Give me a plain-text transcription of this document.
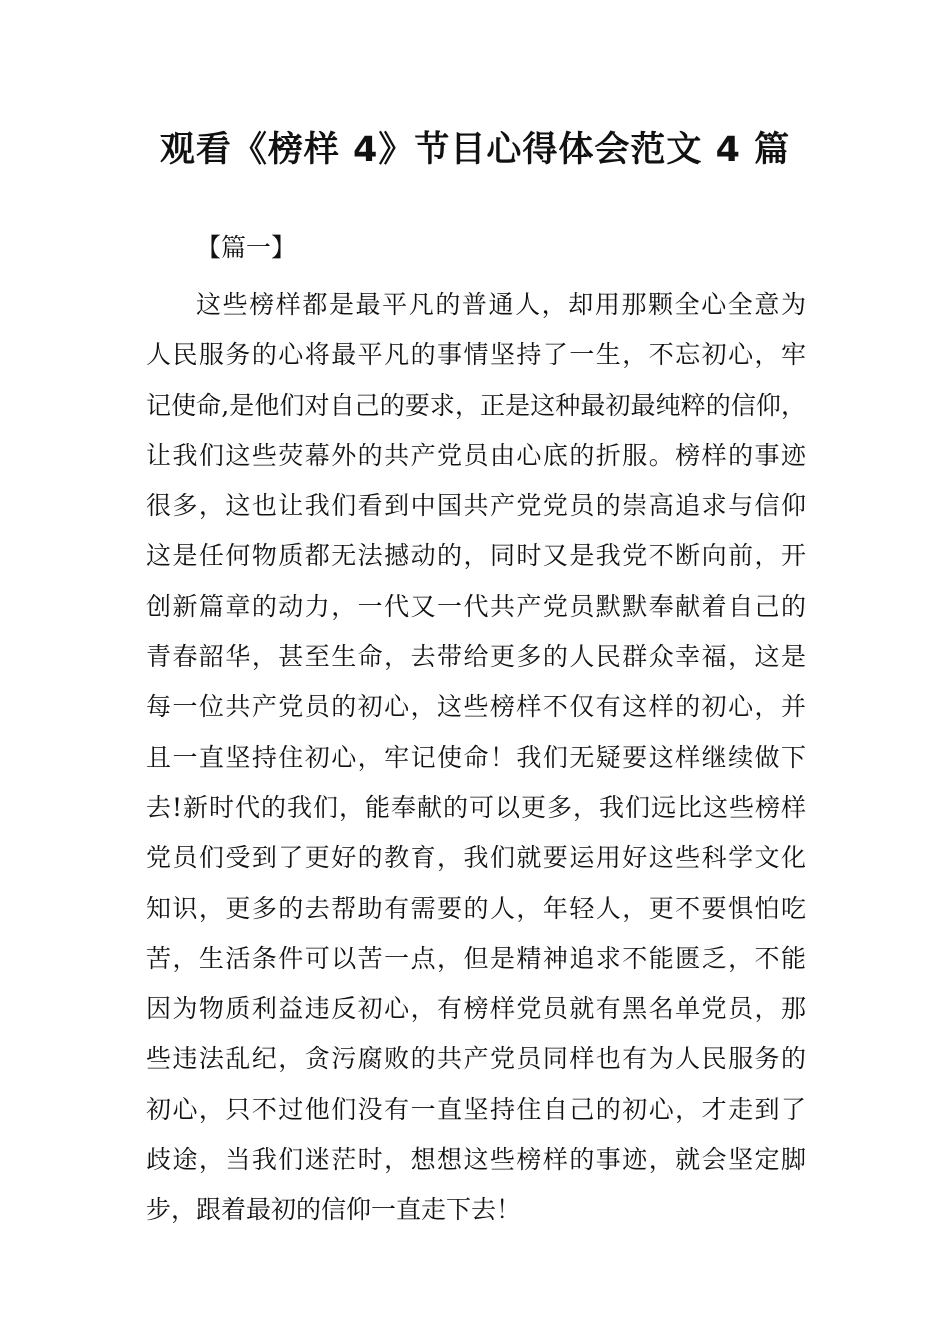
观看《榜样 4》节目心得体会范文 4 篇
【篇一】
这些榜样都是最平凡的普通人，却用那颗全心全意为
人民服务的心将最平凡的事情坚持了一生，不忘初心，牢
记使命,是他们对自己的要求，正是这种最初最纯粹的信仰，
让我们这些荧幕外的共产党员由心底的折服。榜样的事迹
很多，这也让我们看到中国共产党党员的崇高追求与信仰
这是任何物质都无法撼动的，同时又是我党不断向前，开
创新篇章的动力，一代又一代共产党员默默奉献着自己的
青春韶华，甚至生命，去带给更多的人民群众幸福，这是
每一位共产党员的初心，这些榜样不仅有这样的初心，并
且一直坚持住初心，牢记使命！我们无疑要这样继续做下
去!新时代的我们，能奉献的可以更多，我们远比这些榜样
党员们受到了更好的教育，我们就要运用好这些科学文化
知识，更多的去帮助有需要的人，年轻人，更不要惧怕吃
苦，生活条件可以苦一点，但是精神追求不能匮乏，不能
因为物质利益违反初心，有榜样党员就有黑名单党员，那
些违法乱纪，贪污腐败的共产党员同样也有为人民服务的
初心，只不过他们没有一直坚持住自己的初心，才走到了
歧途，当我们迷茫时，想想这些榜样的事迹，就会坚定脚
步，跟着最初的信仰一直走下去！
